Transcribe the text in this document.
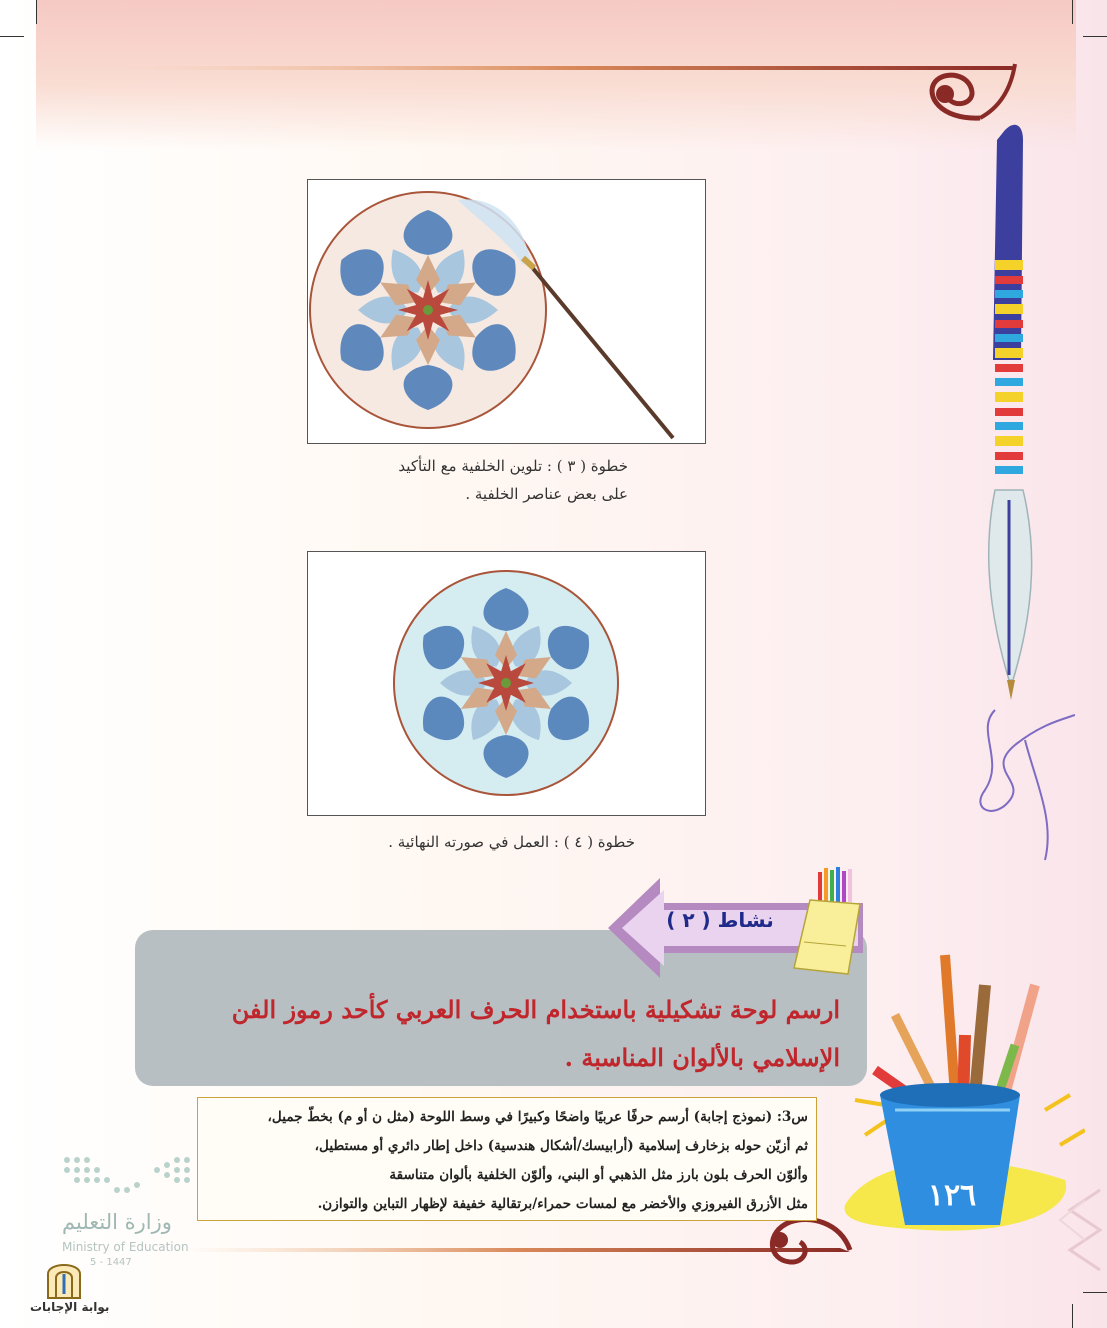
خطوة ( ٣ ) : تلوين الخلفية مع التأكيد
على بعض عناصر الخلفية .
خطوة ( ٤ ) : العمل في صورته النهائية .
نشاط ( ٢ )
ارسم لوحة تشكيلية باستخدام الحرف العربي كأحد رموز الفن
الإسلامي بالألوان المناسبة .
س3: (نموذج إجابة) أرسم حرفًا عربيًا واضحًا وكبيرًا في وسط اللوحة (مثل ن أو م) بخطّ جميل،
ثم أزيّن حوله بزخارف إسلامية (أرابيسك/أشكال هندسية) داخل إطار دائري أو مستطيل،
وألوّن الحرف بلون بارز مثل الذهبي أو البني، وألوّن الخلفية بألوان متناسقة
مثل الأزرق الفيروزي والأخضر مع لمسات حمراء/برتقالية خفيفة لإظهار التباين والتوازن.	١٢٦
وزارة التعليم
Ministry of Education
5 - 1447
بوابة الإجابات
